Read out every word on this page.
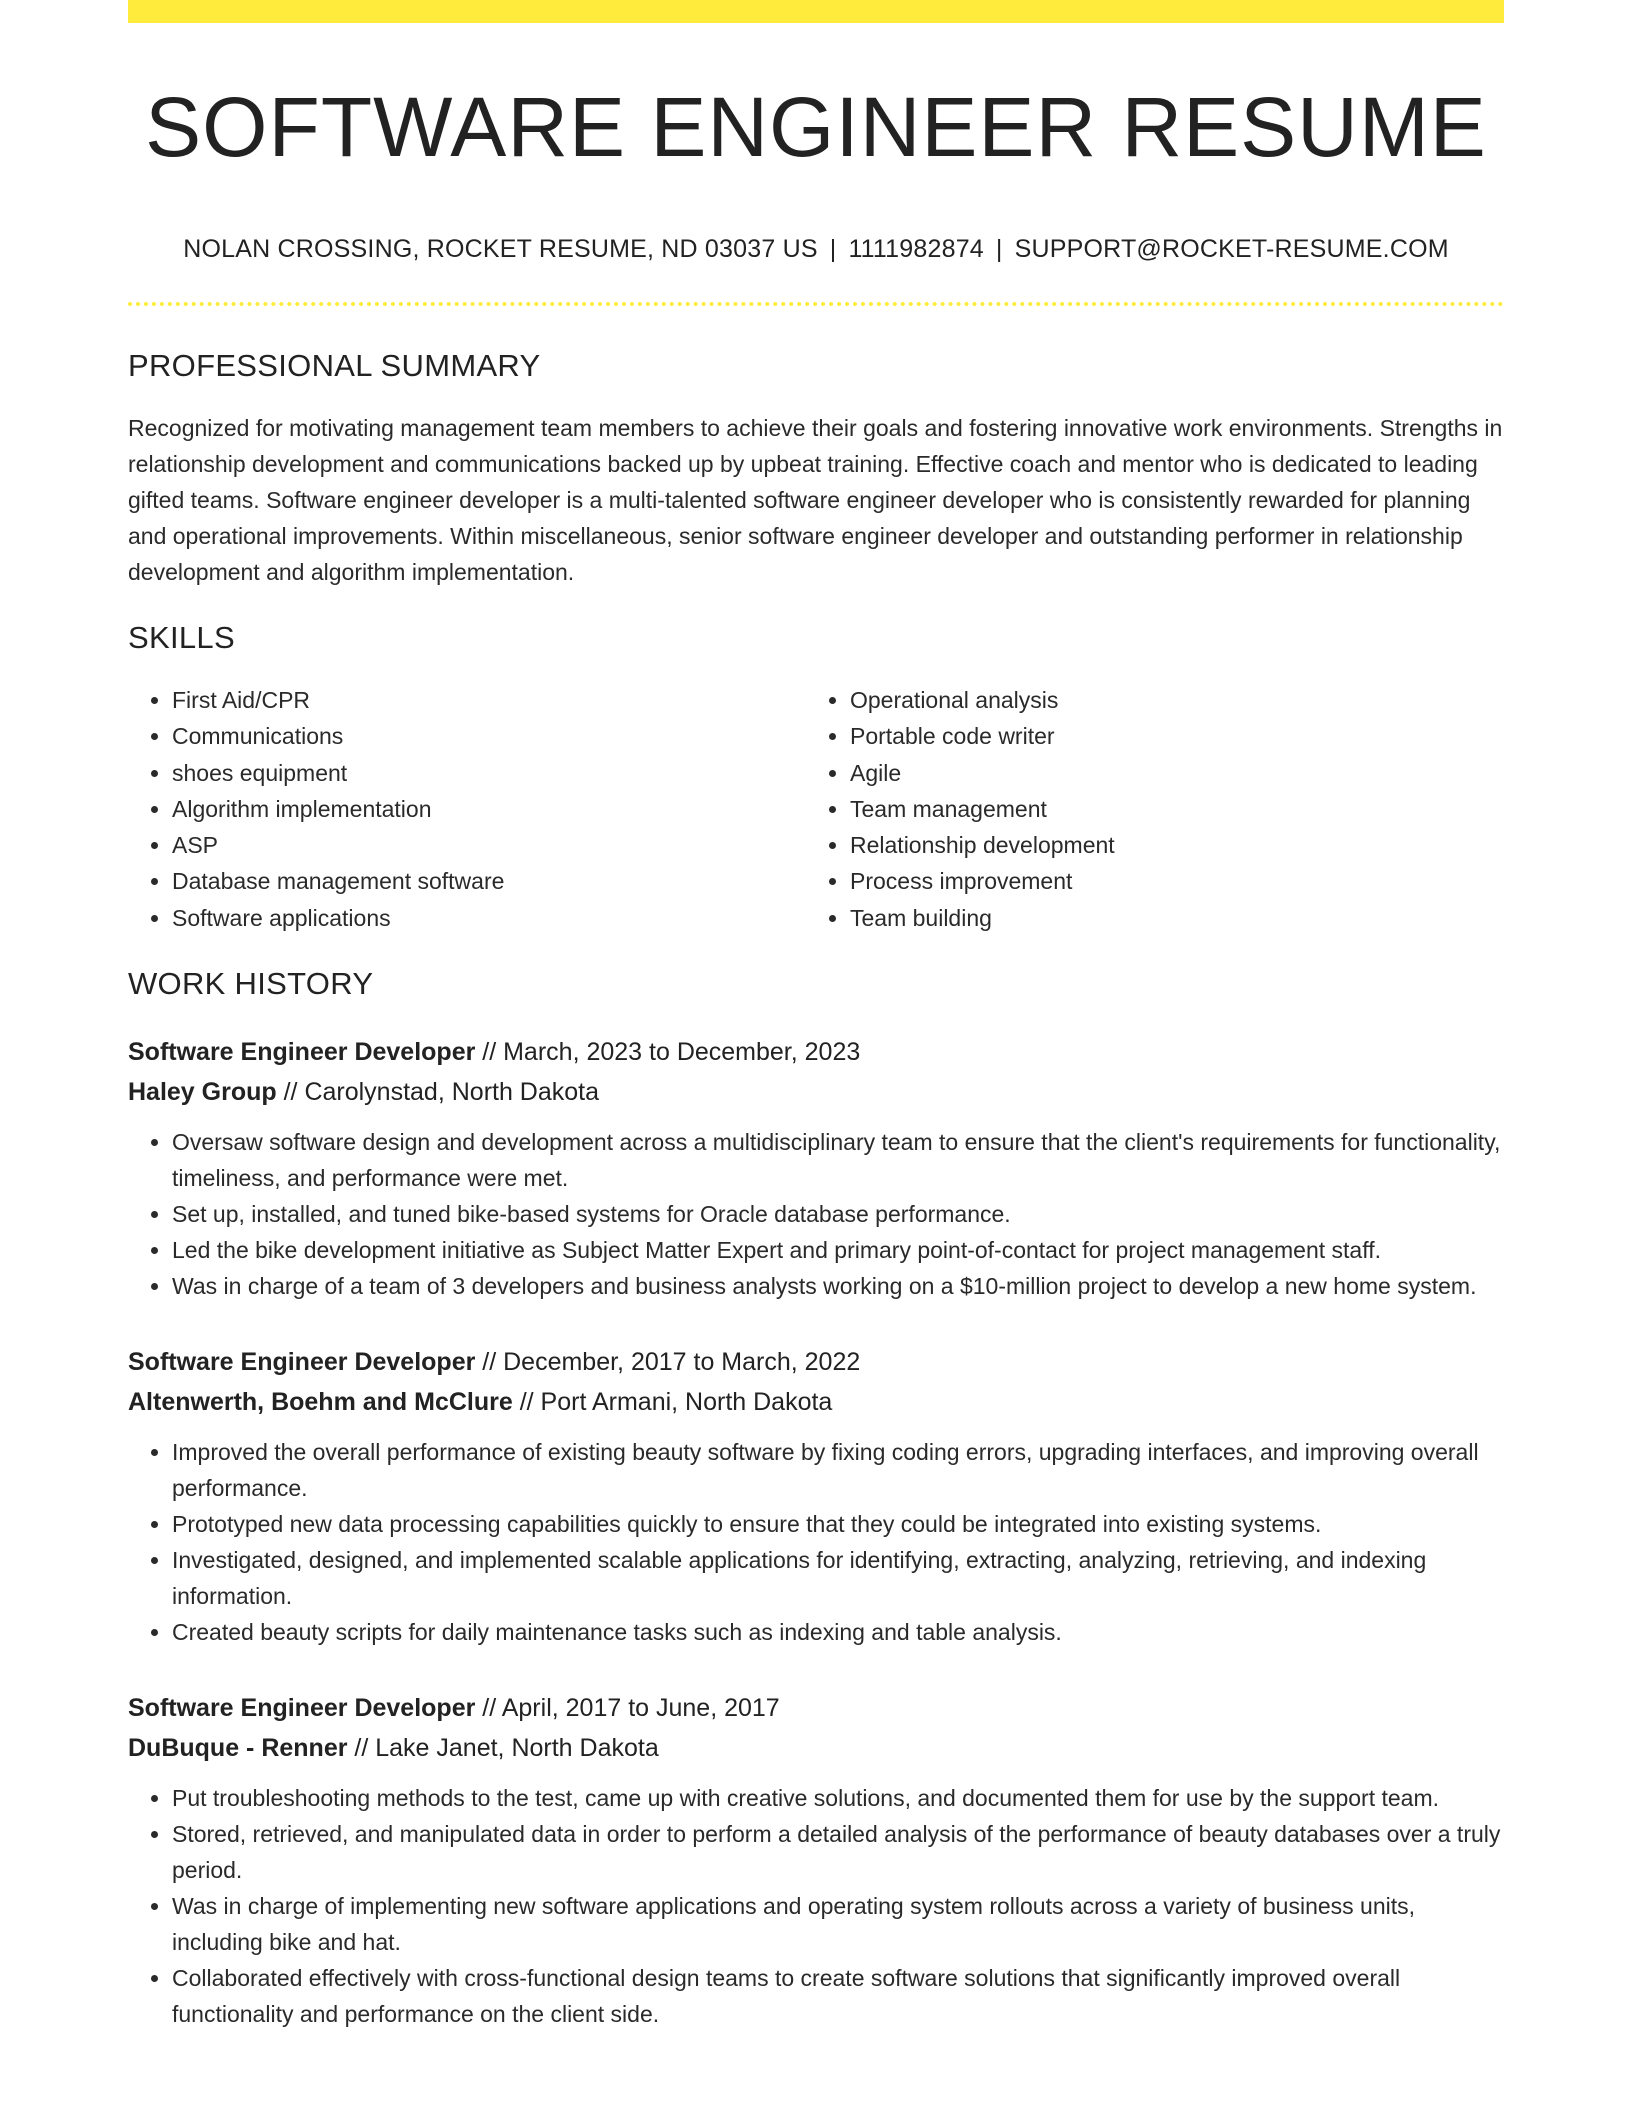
SOFTWARE ENGINEER RESUME
NOLAN CROSSING, ROCKET RESUME, ND 03037 US | 1111982874 | SUPPORT@ROCKET-RESUME.COM
PROFESSIONAL SUMMARY

Recognized for motivating management team members to achieve their goals and fostering innovative work environments. Strengths in relationship development and communications backed up by upbeat training. Effective coach and mentor who is dedicated to leading gifted teams. Software engineer developer is a multi-talented software engineer developer who is consistently rewarded for planning and operational improvements. Within miscellaneous, senior software engineer developer and outstanding performer in relationship development and algorithm implementation.

SKILLS
• First Aid/CPR
• Communications
• shoes equipment
• Algorithm implementation
• ASP
• Database management software
• Software applications
• Operational analysis
• Portable code writer
• Agile
• Team management
• Relationship development
• Process improvement
• Team building
WORK HISTORY
Software Engineer Developer // March, 2023 to December, 2023
Haley Group // Carolynstad, North Dakota
• Oversaw software design and development across a multidisciplinary team to ensure that the client's requirements for functionality, timeliness, and performance were met.
• Set up, installed, and tuned bike-based systems for Oracle database performance.
• Led the bike development initiative as Subject Matter Expert and primary point-of-contact for project management staff.
• Was in charge of a team of 3 developers and business analysts working on a $10-million project to develop a new home system.
Software Engineer Developer // December, 2017 to March, 2022
Altenwerth, Boehm and McClure // Port Armani, North Dakota
• Improved the overall performance of existing beauty software by fixing coding errors, upgrading interfaces, and improving overall performance.
• Prototyped new data processing capabilities quickly to ensure that they could be integrated into existing systems.
• Investigated, designed, and implemented scalable applications for identifying, extracting, analyzing, retrieving, and indexing information.
• Created beauty scripts for daily maintenance tasks such as indexing and table analysis.
Software Engineer Developer // April, 2017 to June, 2017
DuBuque - Renner // Lake Janet, North Dakota
• Put troubleshooting methods to the test, came up with creative solutions, and documented them for use by the support team.
• Stored, retrieved, and manipulated data in order to perform a detailed analysis of the performance of beauty databases over a truly period.
• Was in charge of implementing new software applications and operating system rollouts across a variety of business units, including bike and hat.
• Collaborated effectively with cross-functional design teams to create software solutions that significantly improved overall functionality and performance on the client side.
